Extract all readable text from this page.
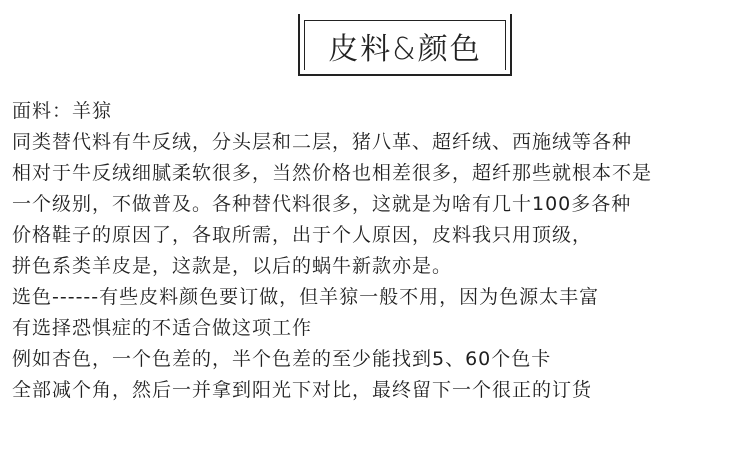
皮料&颜色
面料：羊猄
同类替代料有牛反绒，分头层和二层，猪八革、超纤绒、西施绒等各种
相对于牛反绒细腻柔软很多，当然价格也相差很多，超纤那些就根本不是
一个级别，不做普及。各种替代料很多，这就是为啥有几十100多各种
价格鞋子的原因了，各取所需，出于个人原因，皮料我只用顶级，
拼色系类羊皮是，这款是，以后的蜗牛新款亦是。
选色------有些皮料颜色要订做，但羊猄一般不用，因为色源太丰富
有选择恐惧症的不适合做这项工作
例如杏色，一个色差的，半个色差的至少能找到5、60个色卡
全部减个角，然后一并拿到阳光下对比，最终留下一个很正的订货
